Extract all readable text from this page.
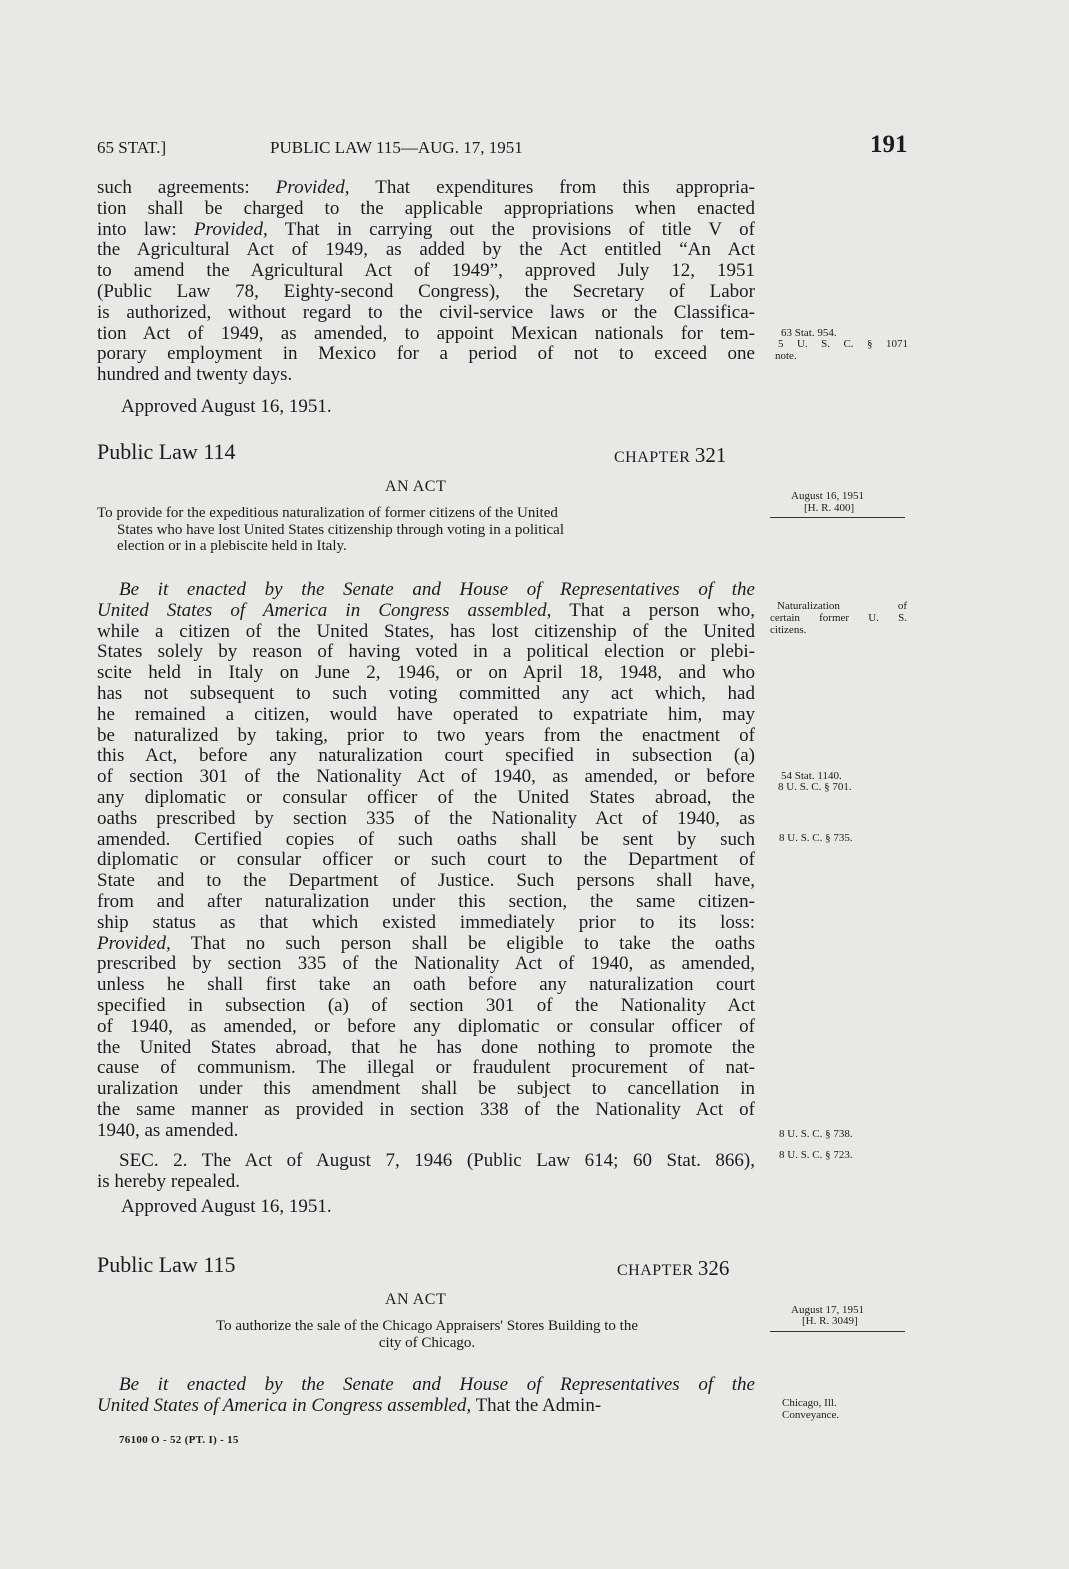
65 STAT.]	PUBLIC LAW 115—AUG. 17, 1951	191
such agreements: Provided, That expenditures from this appropria-
tion shall be charged to the applicable appropriations when enacted
into law: Provided, That in carrying out the provisions of title V of
the Agricultural Act of 1949, as added by the Act entitled “An Act
to amend the Agricultural Act of 1949”, approved July 12, 1951
(Public Law 78, Eighty-second Congress), the Secretary of Labor
is authorized, without regard to the civil-service laws or the Classifica-
tion Act of 1949, as amended, to appoint Mexican nationals for tem-
porary employment in Mexico for a period of not to exceed one
hundred and twenty days.
Approved August 16, 1951.
63 Stat. 954.
5 U. S. C. § 1071
note.
Public Law 114	CHAPTER 321
AN ACT
To provide for the expeditious naturalization of former citizens of the United
States who have lost United States citizenship through voting in a political
election or in a plebiscite held in Italy.
August 16, 1951
[H. R. 400]
Be it enacted by the Senate and House of Representatives of the
United States of America in Congress assembled, That a person who,
while a citizen of the United States, has lost citizenship of the United
States solely by reason of having voted in a political election or plebi-
scite held in Italy on June 2, 1946, or on April 18, 1948, and who
has not subsequent to such voting committed any act which, had
he remained a citizen, would have operated to expatriate him, may
be naturalized by taking, prior to two years from the enactment of
this Act, before any naturalization court specified in subsection (a)
of section 301 of the Nationality Act of 1940, as amended, or before
any diplomatic or consular officer of the United States abroad, the
oaths prescribed by section 335 of the Nationality Act of 1940, as
amended. Certified copies of such oaths shall be sent by such
diplomatic or consular officer or such court to the Department of
State and to the Department of Justice. Such persons shall have,
from and after naturalization under this section, the same citizen-
ship status as that which existed immediately prior to its loss:
Provided, That no such person shall be eligible to take the oaths
prescribed by section 335 of the Nationality Act of 1940, as amended,
unless he shall first take an oath before any naturalization court
specified in subsection (a) of section 301 of the Nationality Act
of 1940, as amended, or before any diplomatic or consular officer of
the United States abroad, that he has done nothing to promote the
cause of communism. The illegal or fraudulent procurement of nat-
uralization under this amendment shall be subject to cancellation in
the same manner as provided in section 338 of the Nationality Act of
1940, as amended.
Naturalization of
certain former U. S.
citizens.
54 Stat. 1140.
8 U. S. C. § 701.
8 U. S. C. § 735.
8 U. S. C. § 738.
8 U. S. C. § 723.
SEC. 2. The Act of August 7, 1946 (Public Law 614; 60 Stat. 866),
is hereby repealed.
Approved August 16, 1951.
Public Law 115	CHAPTER 326
AN ACT
To authorize the sale of the Chicago Appraisers' Stores Building to the
city of Chicago.
August 17, 1951
[H. R. 3049]
Be it enacted by the Senate and House of Representatives of the
United States of America in Congress assembled, That the Admin-	Chicago, Ill.
Conveyance.
76100 O - 52 (PT. I) - 15
